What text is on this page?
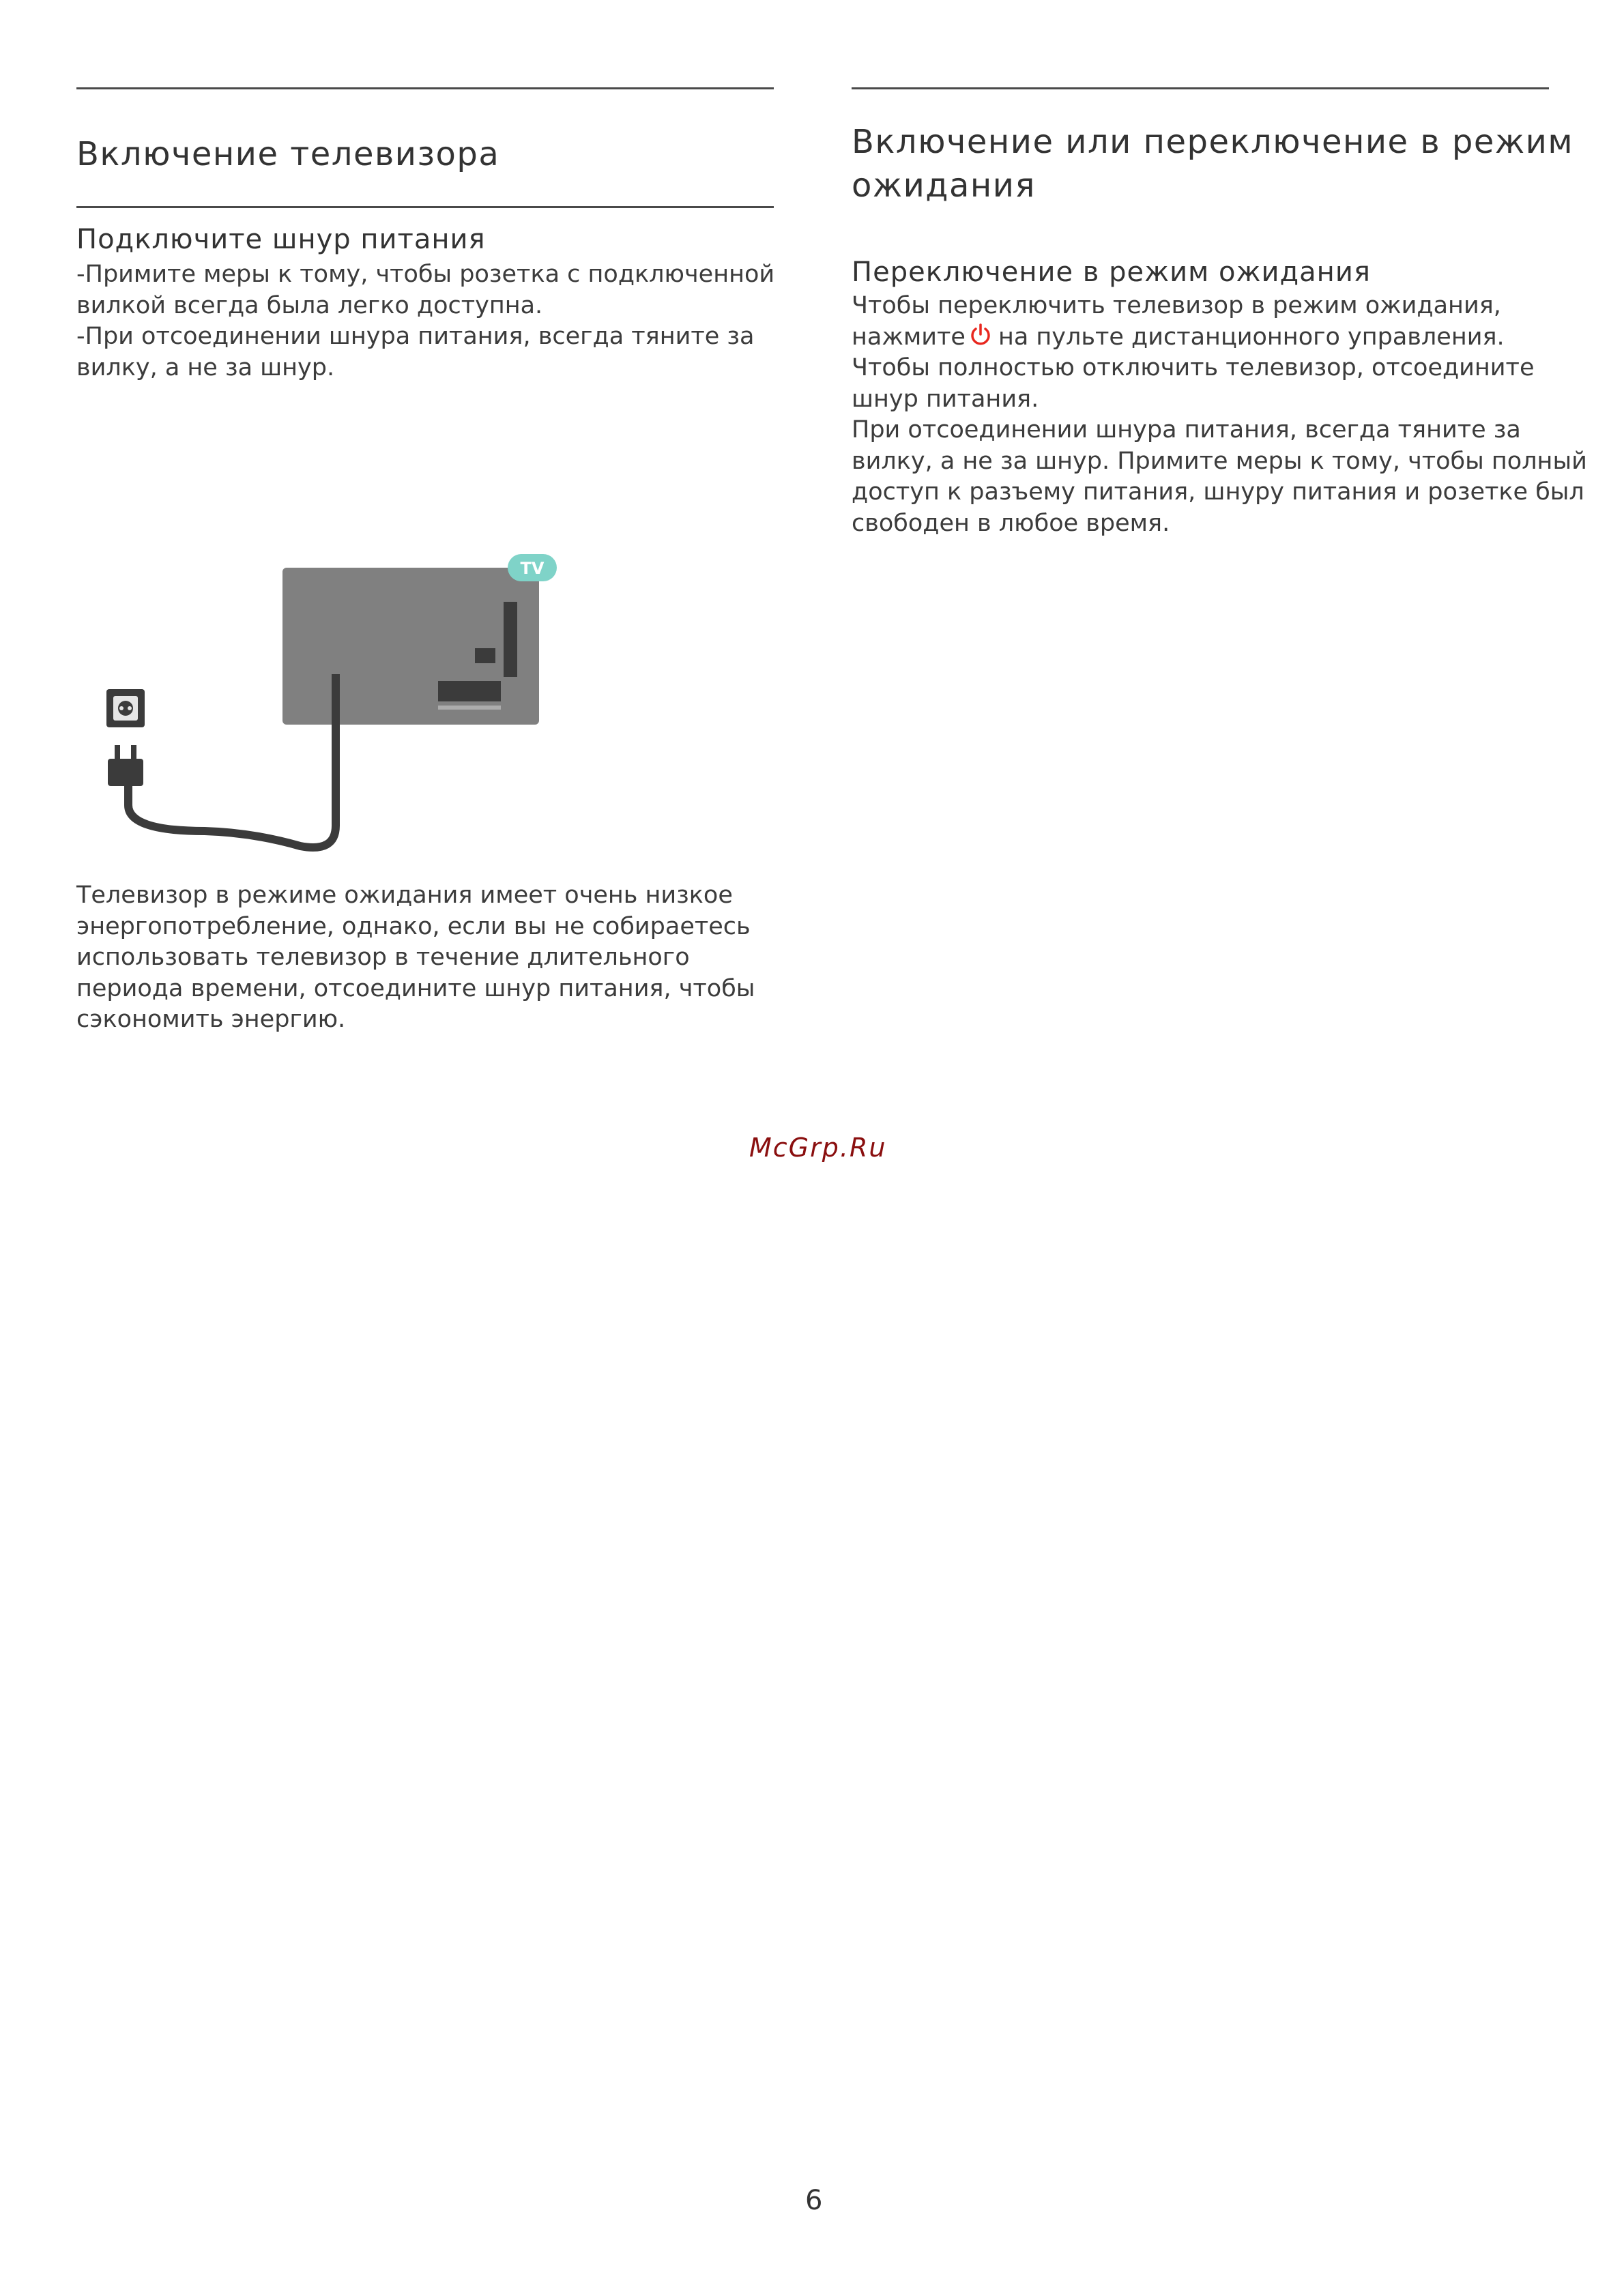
Включение телевизора
Подключите шнур питания

-Примите меры к тому, чтобы розетка с подключенной
вилкой всегда была легко доступна.
-При отсоединении шнура питания, всегда тяните за
вилку, а не за шнур.

TV

Телевизор в режиме ожидания имеет очень низкое
энергопотребление, однако, если вы не собираетесь
использовать телевизор в течение длительного
периода времени, отсоедините шнур питания, чтобы
сэкономить энергию.

Включение или переключение в режим
ожидания
Переключение в режим ожидания

Чтобы переключить телевизор в режим ожидания,
нажмите на пульте дистанционного управления.
Чтобы полностью отключить телевизор, отсоедините
шнур питания.
При отсоединении шнура питания, всегда тяните за
вилку, а не за шнур. Примите меры к тому, чтобы полный
доступ к разъему питания, шнуру питания и розетке был
свободен в любое время.

McGrp.Ru
6
